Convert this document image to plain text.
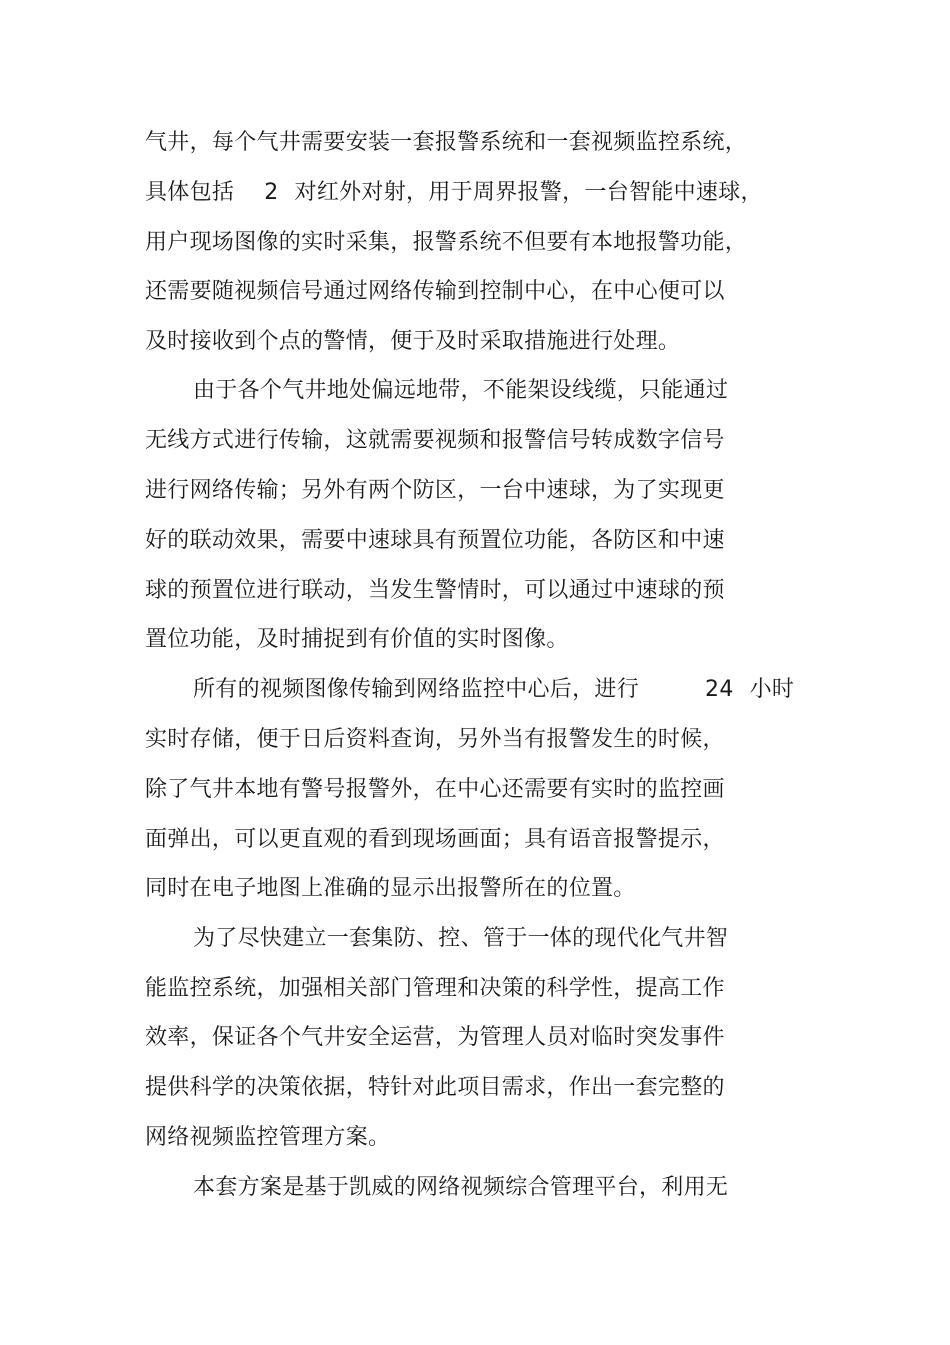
气井，每个气井需要安装一套报警系统和一套视频监控系统，
具体包括 2 对红外对射，用于周界报警，一台智能中速球，
用户现场图像的实时采集，报警系统不但要有本地报警功能，
还需要随视频信号通过网络传输到控制中心，在中心便可以
及时接收到个点的警情，便于及时采取措施进行处理。
由于各个气井地处偏远地带，不能架设线缆，只能通过
无线方式进行传输，这就需要视频和报警信号转成数字信号
进行网络传输；另外有两个防区，一台中速球，为了实现更
好的联动效果，需要中速球具有预置位功能，各防区和中速
球的预置位进行联动，当发生警情时，可以通过中速球的预
置位功能，及时捕捉到有价值的实时图像。
所有的视频图像传输到网络监控中心后，进行	24 小时
实时存储，便于日后资料查询，另外当有报警发生的时候，
除了气井本地有警号报警外，在中心还需要有实时的监控画
面弹出，可以更直观的看到现场画面；具有语音报警提示，
同时在电子地图上准确的显示出报警所在的位置。
为了尽快建立一套集防、控、管于一体的现代化气井智
能监控系统，加强相关部门管理和决策的科学性，提高工作
效率，保证各个气井安全运营，为管理人员对临时突发事件
提供科学的决策依据，特针对此项目需求，作出一套完整的
网络视频监控管理方案。
本套方案是基于凯威的网络视频综合管理平台，利用无
